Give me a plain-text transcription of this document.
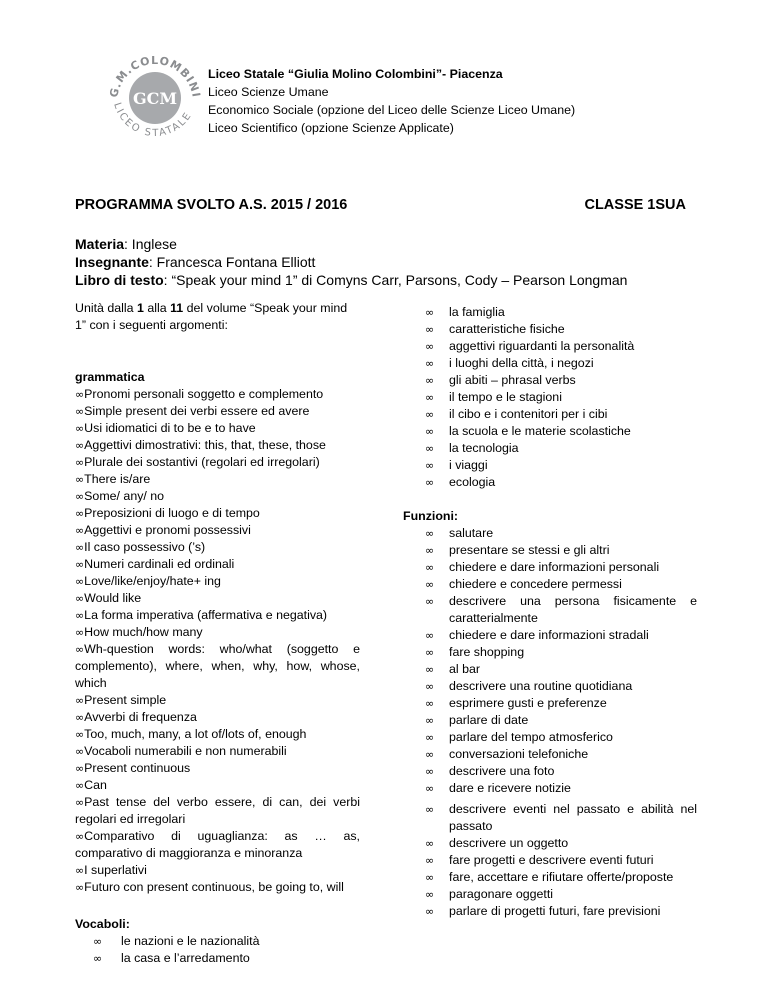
G.M.COLOMBINI
LICEO STATALE
GCM
Liceo Statale “Giulia Molino Colombini”- Piacenza
Liceo Scienze Umane
Economico Sociale (opzione del Liceo delle Scienze Liceo Umane)
Liceo Scientifico (opzione Scienze Applicate)
PROGRAMMA SVOLTO A.S. 2015 / 2016	CLASSE 1SUA
Materia: Inglese
Insegnante: Francesca Fontana Elliott
Libro di testo: “Speak your mind 1” di Comyns Carr, Parsons, Cody – Pearson Longman
Unità dalla 1 alla 11 del volume “Speak your mind 1” con i seguenti argomenti:
grammatica
∞Pronomi personali soggetto e complemento
∞Simple present dei verbi essere ed avere
∞Usi idiomatici di to be e to have
∞Aggettivi dimostrativi: this, that, these, those
∞Plurale dei sostantivi (regolari ed irregolari)
∞There is/are
∞Some/ any/ no
∞Preposizioni di luogo e di tempo
∞Aggettivi e pronomi possessivi
∞Il caso possessivo (’s)
∞Numeri cardinali ed ordinali
∞Love/like/enjoy/hate+ ing
∞Would like
∞La forma imperativa (affermativa e negativa)
∞How much/how many
∞Wh-question words: who/what (soggetto e complemento), where, when, why, how, whose, which
∞Present simple
∞Avverbi di frequenza
∞Too, much, many, a lot of/lots of, enough
∞Vocaboli numerabili e non numerabili
∞Present continuous
∞Can
∞Past tense del verbo essere, di can, dei verbi regolari ed irregolari
∞Comparativo di uguaglianza: as … as, comparativo di maggioranza e minoranza
∞I superlativi
∞Futuro con present continuous, be going to, will
Vocaboli:
∞ le nazioni e le nazionalità
∞ la casa e l’arredamento
∞ la famiglia
∞ caratteristiche fisiche
∞ aggettivi riguardanti la personalità
∞ i luoghi della città, i negozi
∞ gli abiti – phrasal verbs
∞ il tempo e le stagioni
∞ il cibo e i contenitori per i cibi
∞ la scuola e le materie scolastiche
∞ la tecnologia
∞ i viaggi
∞ ecologia
Funzioni:
∞ salutare
∞ presentare se stessi e gli altri
∞ chiedere e dare informazioni personali
∞ chiedere e concedere permessi
∞ descrivere una persona fisicamente e caratterialmente
∞ chiedere e dare informazioni stradali
∞ fare shopping
∞ al bar
∞ descrivere una routine quotidiana
∞ esprimere gusti e preferenze
∞ parlare di date
∞ parlare del tempo atmosferico
∞ conversazioni telefoniche
∞ descrivere una foto
∞ dare e ricevere notizie
∞ descrivere eventi nel passato e abilità nel passato
∞ descrivere un oggetto
∞ fare progetti e descrivere eventi futuri
∞ fare, accettare e rifiutare offerte/proposte
∞ paragonare oggetti
∞ parlare di progetti futuri, fare previsioni
